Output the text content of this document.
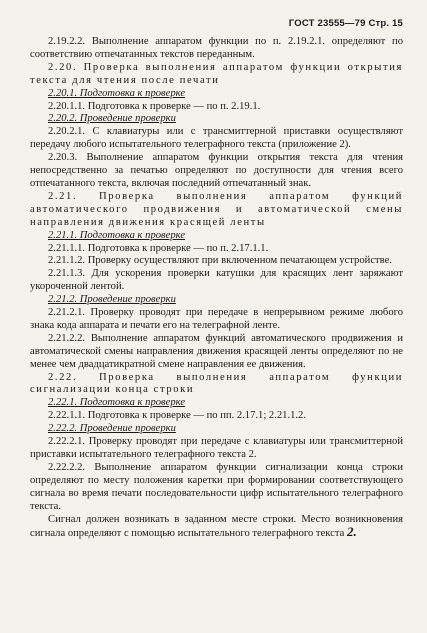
ГОСТ 23555—79 Стр. 15

2.19.2.2. Выполнение аппаратом функции по п. 2.19.2.1. определяют по соответствию отпечатанных текстов переданным.

2.20. Проверка выполнения аппаратом функции открытия текста для чтения после печати

2.20.1. Подготовка к проверке

2.20.1.1. Подготовка к проверке — по п. 2.19.1.

2.20.2. Проведение проверки

2.20.2.1. С клавиатуры или с трансмиттерной приставки осуществляют передачу любого испытательного телеграфного текста (приложение 2).

2.20.3. Выполнение аппаратом функции открытия текста для чтения непосредственно за печатью определяют по доступности для чтения всего отпечатанного текста, включая последний отпечатанный знак.

2.21. Проверка выполнения аппаратом функций автоматического продвижения и автоматической смены направления движения красящей ленты

2.21.1. Подготовка к проверке

2.21.1.1. Подготовка к проверке — по п. 2.17.1.1.

2.21.1.2. Проверку осуществляют при включенном печатающем устройстве.

2.21.1.3. Для ускорения проверки катушки для красящих лент заряжают укороченной лентой.

2.21.2. Проведение проверки

2.21.2.1. Проверку проводят при передаче в непрерывном режиме любого знака кода аппарата и печати его на телеграфной ленте.

2.21.2.2. Выполнение аппаратом функций автоматического продвижения и автоматической смены направления движения красящей ленты определяют по не менее чем двадцатикратной смене направления ее движения.

2.22. Проверка выполнения аппаратом функции сигнализации конца строки

2.22.1. Подготовка к проверке

2.22.1.1. Подготовка к проверке — по пп. 2.17.1; 2.21.1.2.

2.22.2. Проведение проверки

2.22.2.1. Проверку проводят при передаче с клавиатуры или трансмиттерной приставки испытательного телеграфного текста 2.

2.22.2.2. Выполнение аппаратом функции сигнализации конца строки определяют по месту положения каретки при формировании соответствующего сигнала во время печати последовательности цифр испытательного телеграфного текста.

Сигнал должен возникать в заданном месте строки. Место возникновения сигнала определяют с помощью испытательного телеграфного текста 2.
